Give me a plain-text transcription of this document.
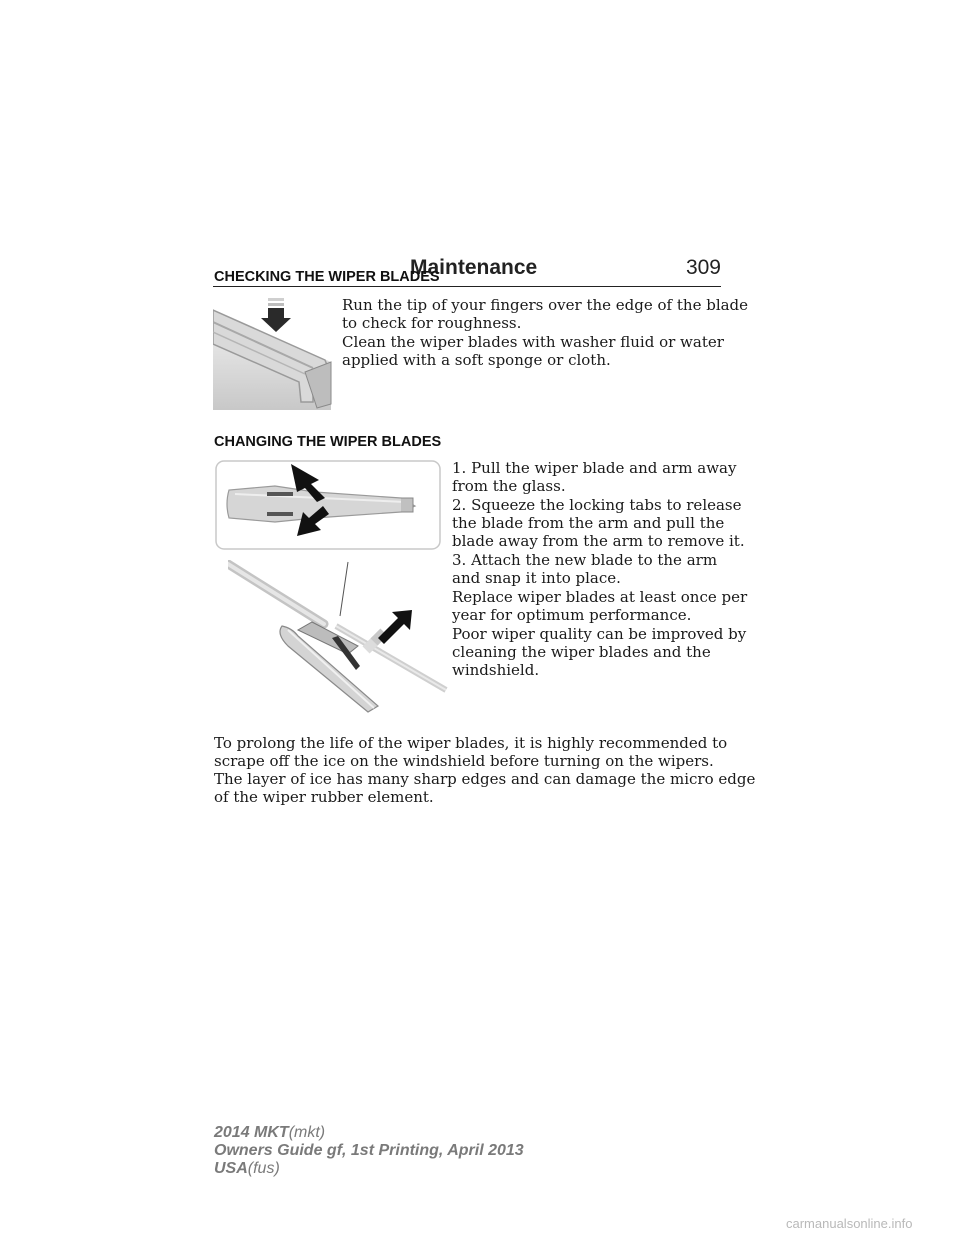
Maintenance	309
CHECKING THE WIPER BLADES

Run the tip of your fingers over the edge of the blade
to check for roughness.

Clean the wiper blades with washer fluid or water
applied with a soft sponge or cloth.

CHANGING THE WIPER BLADES

1. Pull the wiper blade and arm away
from the glass.

2. Squeeze the locking tabs to release
the blade from the arm and pull the
blade away from the arm to remove it.

3. Attach the new blade to the arm
and snap it into place.

Replace wiper blades at least once per
year for optimum performance.

Poor wiper quality can be improved by
cleaning the wiper blades and the
windshield.

To prolong the life of the wiper blades, it is highly recommended to
scrape off the ice on the windshield before turning on the wipers.
The layer of ice has many sharp edges and can damage the micro edge
of the wiper rubber element.

2014 MKT(mkt)
Owners Guide gf, 1st Printing, April 2013
USA(fus)
carmanualsonline.info
